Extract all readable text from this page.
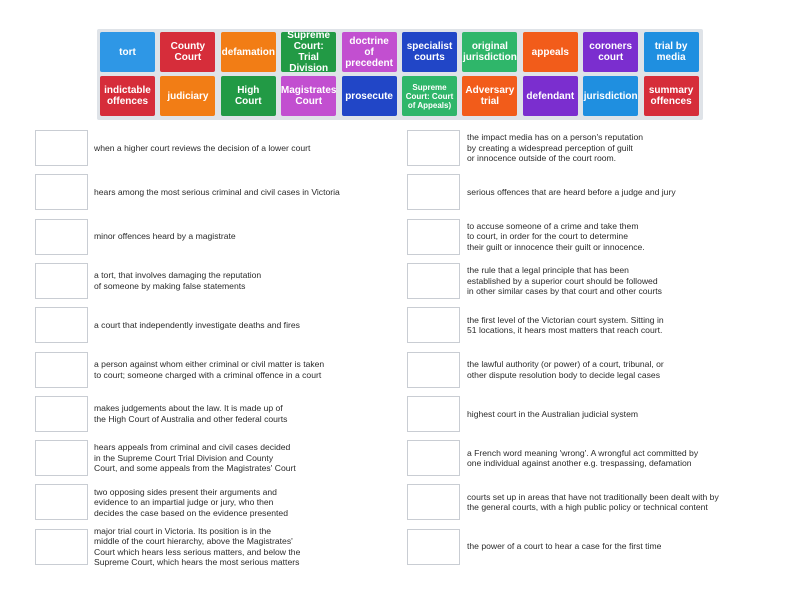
tort	County Court	defamation
Supreme Court: Trial Division
doctrine of precedent
specialist courts
original jurisdiction	appeals	coroners court
trial by media
indictable offences	judiciary	High Court
Magistrates Court	prosecute
Supreme Court: Court of Appeals)
Adversary trial	defendant jurisdiction	summary offences
when a higher court reviews the decision of a lower court
hears among the most serious criminal and civil cases in Victoria
minor offences heard by a magistrate
a tort, that involves damaging the reputation
of someone by making false statements
a court that independently investigate deaths and fires
a person against whom either criminal or civil matter is taken
to court; someone charged with a criminal offence in a court
makes judgements about the law. It is made up of
the High Court of Australia and other federal courts
hears appeals from criminal and civil cases decided
in the Supreme Court Trial Division and County
Court, and some appeals from the Magistrates' Court
two opposing sides present their arguments and
evidence to an impartial judge or jury, who then
decides the case based on the evidence presented
major trial court in Victoria. Its position is in the
middle of the court hierarchy, above the Magistrates'
Court which hears less serious matters, and below the
Supreme Court, which hears the most serious matters
the impact media has on a person's reputation
by creating a widespread perception of guilt
or innocence outside of the court room.
serious offences that are heard before a judge and jury
to accuse someone of a crime and take them
to court, in order for the court to determine
their guilt or innocence their guilt or innocence.
the rule that a legal principle that has been
established by a superior court should be followed
in other similar cases by that court and other courts
the first level of the Victorian court system. Sitting in
51 locations, it hears most matters that reach court.
the lawful authority (or power) of a court, tribunal, or
other dispute resolution body to decide legal cases
highest court in the Australian judicial system
a French word meaning 'wrong'. A wrongful act committed by
one individual against another e.g. trespassing, defamation
courts set up in areas that have not traditionally been dealt with by
the general courts, with a high public policy or technical content
the power of a court to hear a case for the first time
